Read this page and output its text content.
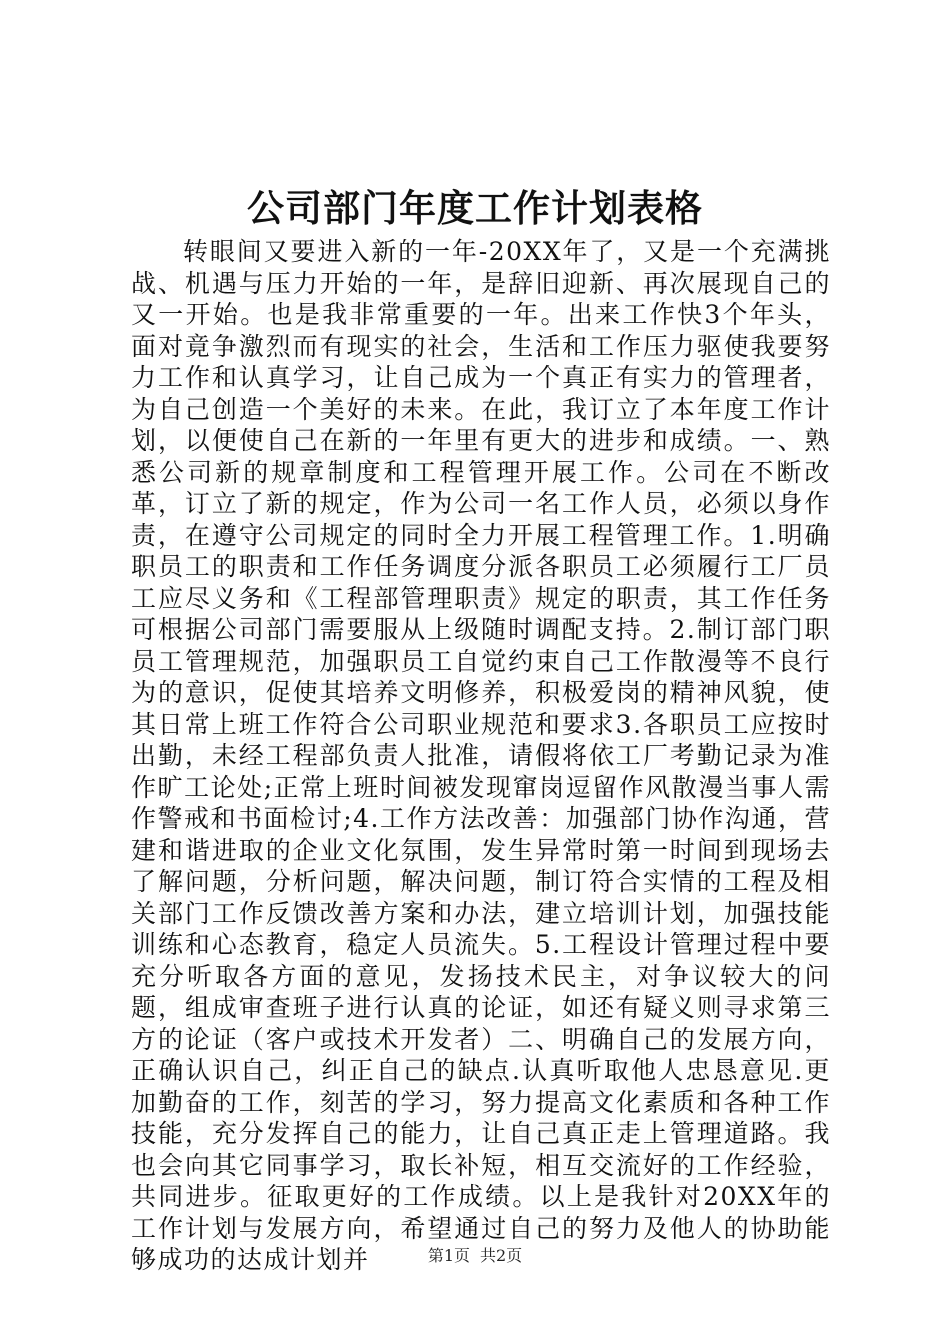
公司部门年度工作计划表格

转眼间又要进入新的一年-20XX年了，又是一个充满挑战、机遇与压力开始的一年，是辞旧迎新、再次展现自己的又一开始。也是我非常重要的一年。出来工作快3个年头，面对竟争激烈而有现实的社会，生活和工作压力驱使我要努力工作和认真学习，让自己成为一个真正有实力的管理者，为自己创造一个美好的未来。在此，我订立了本年度工作计划，以便使自己在新的一年里有更大的进步和成绩。一、熟悉公司新的规章制度和工程管理开展工作。公司在不断改革，订立了新的规定，作为公司一名工作人员，必须以身作责，在遵守公司规定的同时全力开展工程管理工作。1.明确职员工的职责和工作任务调度分派各职员工必须履行工厂员工应尽义务和《工程部管理职责》规定的职责，其工作任务可根据公司部门需要服从上级随时调配支持。2.制订部门职员工管理规范，加强职员工自觉约束自己工作散漫等不良行为的意识，促使其培养文明修养，积极爱岗的精神风貌，使其日常上班工作符合公司职业规范和要求3.各职员工应按时出勤，未经工程部负责人批准，请假将依工厂考勤记录为准作旷工论处;正常上班时间被发现窜岗逗留作风散漫当事人需作警戒和书面检讨;4.工作方法改善：加强部门协作沟通，营建和谐进取的企业文化氛围，发生异常时第一时间到现场去了解问题，分析问题，解决问题，制订符合实情的工程及相关部门工作反馈改善方案和办法，建立培训计划，加强技能训练和心态教育，稳定人员流失。5.工程设计管理过程中要充分听取各方面的意见，发扬技术民主，对争议较大的问题，组成审查班子进行认真的论证，如还有疑义则寻求第三方的论证（客户或技术开发者）二、明确自己的发展方向，正确认识自己，纠正自己的缺点.认真听取他人忠恳意见.更加勤奋的工作，刻苦的学习，努力提高文化素质和各种工作技能，充分发挥自己的能力，让自己真正走上管理道路。我也会向其它同事学习，取长补短，相互交流好的工作经验，共同进步。征取更好的工作成绩。以上是我针对20XX年的工作计划与发展方向，希望通过自己的努力及他人的协助能够成功的达成计划并	第1页 共2页
